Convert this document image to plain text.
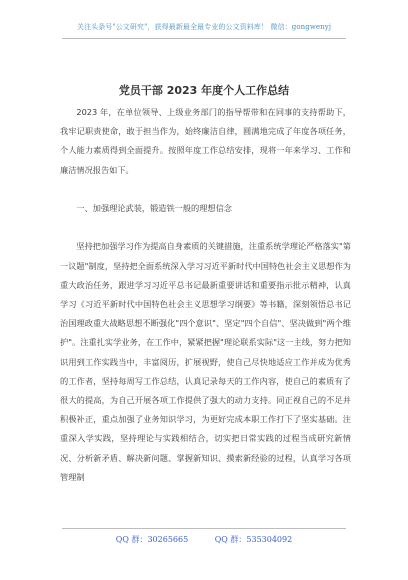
关注头条号"公文研究"，获得最新最全最专业的公文资料库！ 微信：gongwenyj
党员干部 2023 年度个人工作总结

2023 年，在单位领导、上级业务部门的指导帮带和在同事的支持帮助下，我牢记职责使命，敢于担当作为，始终廉洁自律，圆满地完成了年度各项任务，个人能力素质得到全面提升。按照年度工作总结安排，现将一年来学习、工作和廉洁情况报告如下。

一、加强理论武装，锻造铁一般的理想信念

坚持把加强学习作为提高自身素质的关键措施，注重系统学理论严格落实"第一议题"制度，坚持把全面系统深入学习习近平新时代中国特色社会主义思想作为重大政治任务，跟进学习习近平总书记最新重要讲话和重要指示批示精神，认真学习《习近平新时代中国特色社会主义思想学习纲要》等书籍，深刻领悟总书记治国理政重大战略思想不断强化"四个意识"、坚定"四个自信"、坚决做到"两个维护"。注重扎实学业务，在工作中，紧紧把握"理论联系实际"这一主线，努力把知识用到工作实践当中，丰富阅历，扩展视野，使自己尽快地适应工作并成为优秀的工作者，坚持每周写工作总结，认真记录每天的工作内容，使自己的素质有了很大的提高，为自己开展各项工作提供了强大的动力支持。同正视自己的不足并积极补正，重点加强了业务知识学习，为更好完成本职工作打下了坚实基础。注重深入学实践，坚持理论与实践相结合，切实把日常实践的过程当成研究新情况、分析新矛盾、解决新问题、掌握新知识、摸索新经验的过程，认真学习各项管理制

QQ 群：30265665	QQ 群：535304092
